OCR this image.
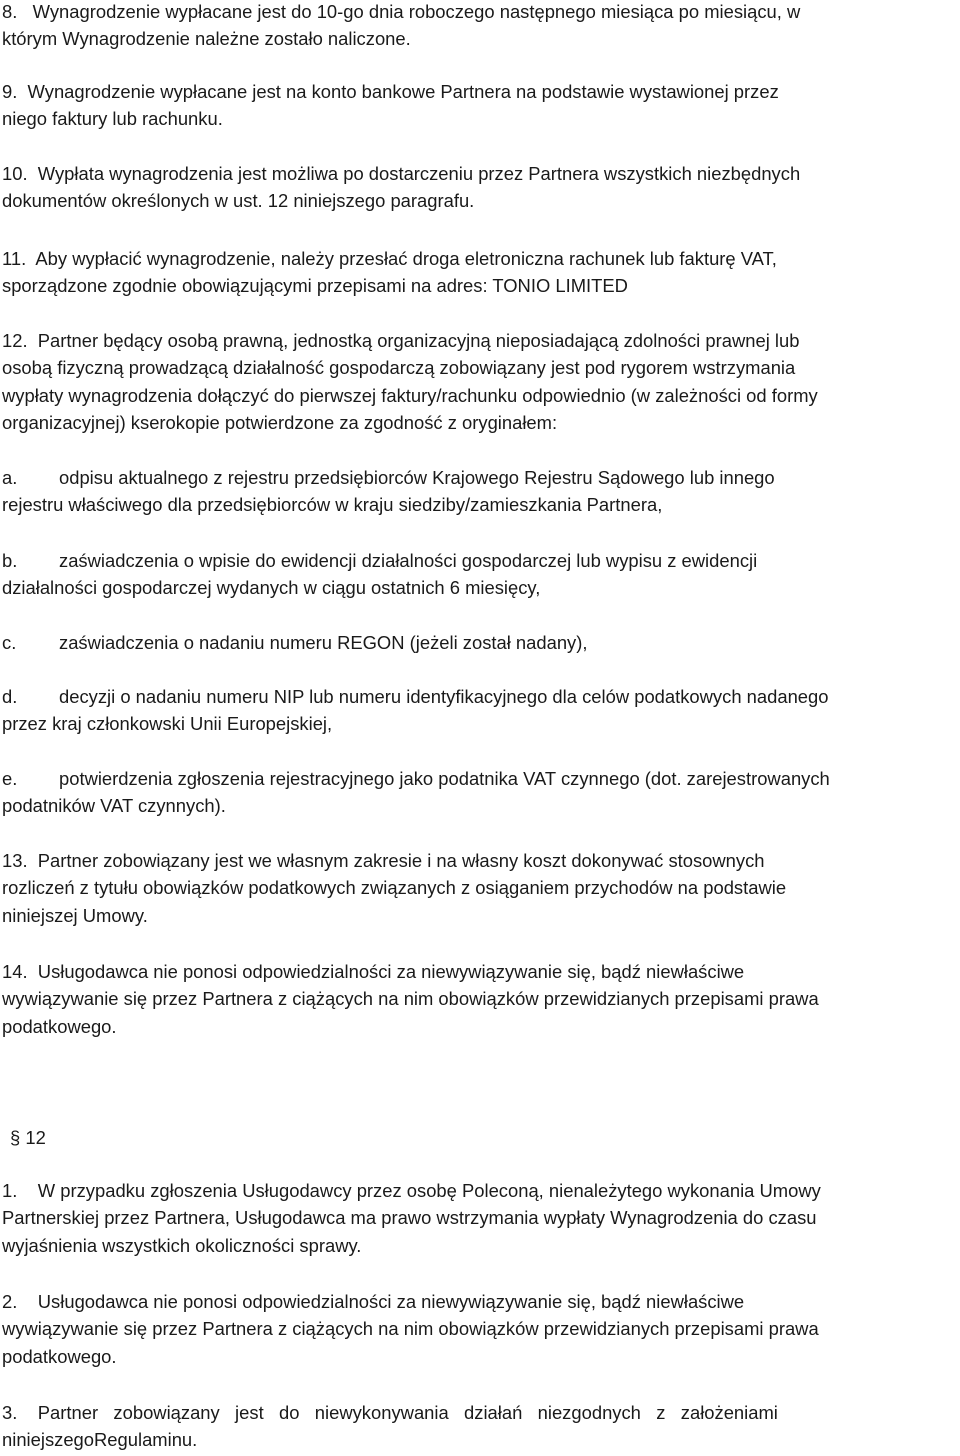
8.   Wynagrodzenie wypłacane jest do 10-go dnia roboczego następnego miesiąca po miesiącu, w
którym Wynagrodzenie należne zostało naliczone.

9.  Wynagrodzenie wypłacane jest na konto bankowe Partnera na podstawie wystawionej przez
niego faktury lub rachunku.

10.  Wypłata wynagrodzenia jest możliwa po dostarczeniu przez Partnera wszystkich niezbędnych
dokumentów określonych w ust. 12 niniejszego paragrafu.

11.  Aby wypłacić wynagrodzenie, należy przesłać droga eletroniczna rachunek lub fakturę VAT,
sporządzone zgodnie obowiązującymi przepisami na adres: TONIO LIMITED

12.  Partner będący osobą prawną, jednostką organizacyjną nieposiadającą zdolności prawnej lub
osobą fizyczną prowadzącą działalność gospodarczą zobowiązany jest pod rygorem wstrzymania
wypłaty wynagrodzenia dołączyć do pierwszej faktury/rachunku odpowiednio (w zależności od formy
organizacyjnej) kserokopie potwierdzone za zgodność z oryginałem:

a. odpisu aktualnego z rejestru przedsiębiorców Krajowego Rejestru Sądowego lub innego
rejestru właściwego dla przedsiębiorców w kraju siedziby/zamieszkania Partnera,

b. zaświadczenia o wpisie do ewidencji działalności gospodarczej lub wypisu z ewidencji
działalności gospodarczej wydanych w ciągu ostatnich 6 miesięcy,

c. zaświadczenia o nadaniu numeru REGON (jeżeli został nadany),

d. decyzji o nadaniu numeru NIP lub numeru identyfikacyjnego dla celów podatkowych nadanego
przez kraj członkowski Unii Europejskiej,

e. potwierdzenia zgłoszenia rejestracyjnego jako podatnika VAT czynnego (dot. zarejestrowanych
podatników VAT czynnych).

13.  Partner zobowiązany jest we własnym zakresie i na własny koszt dokonywać stosownych
rozliczeń z tytułu obowiązków podatkowych związanych z osiąganiem przychodów na podstawie
niniejszej Umowy.

14.  Usługodawca nie ponosi odpowiedzialności za niewywiązywanie się, bądź niewłaściwe
wywiązywanie się przez Partnera z ciążących na nim obowiązków przewidzianych przepisami prawa
podatkowego.

§ 12

1.    W przypadku zgłoszenia Usługodawcy przez osobę Poleconą, nienależytego wykonania Umowy
Partnerskiej przez Partnera, Usługodawca ma prawo wstrzymania wypłaty Wynagrodzenia do czasu
wyjaśnienia wszystkich okoliczności sprawy.

2.    Usługodawca nie ponosi odpowiedzialności za niewywiązywanie się, bądź niewłaściwe
wywiązywanie się przez Partnera z ciążących na nim obowiązków przewidzianych przepisami prawa
podatkowego.

3.    Partner   zobowiązany   jest   do   niewykonywania   działań   niezgodnych   z   założeniami
niniejszegoRegulaminu.
